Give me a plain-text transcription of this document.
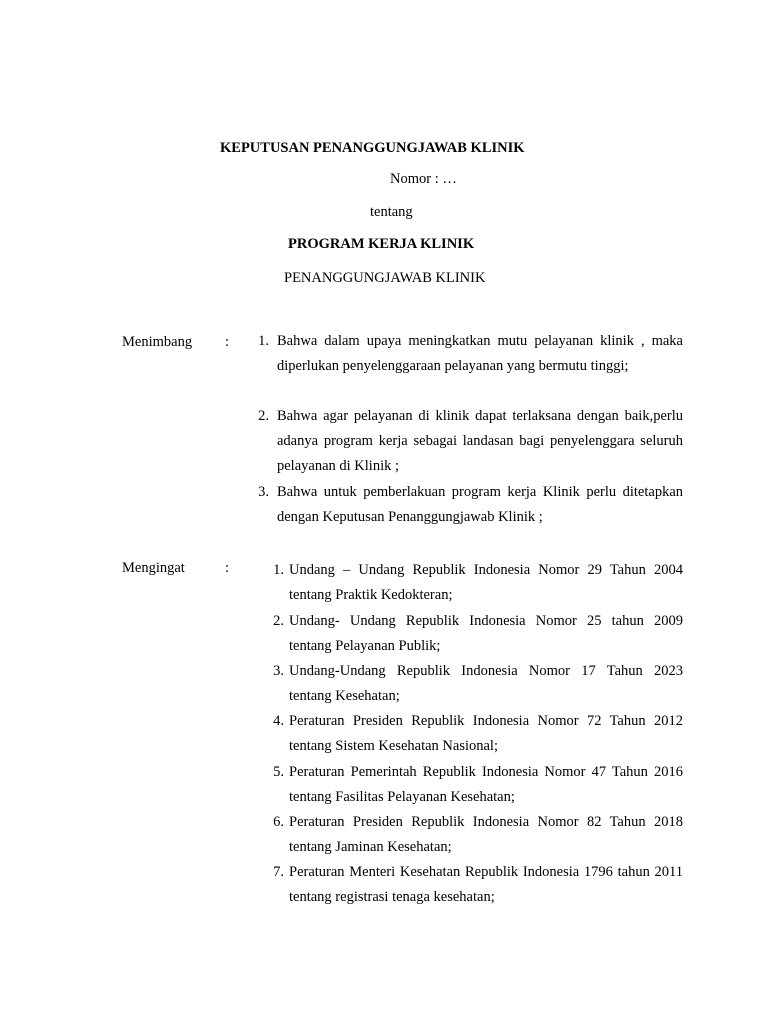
KEPUTUSAN PENANGGUNGJAWAB KLINIK
Nomor : …
tentang
PROGRAM KERJA KLINIK
PENANGGUNGJAWAB KLINIK
Menimbang :	1. Bahwa dalam upaya meningkatkan mutu pelayanan klinik , maka diperlukan penyelenggaraan pelayanan yang bermutu tinggi;
2. Bahwa agar pelayanan di klinik dapat terlaksana dengan baik,perlu adanya program kerja sebagai landasan bagi penyelenggara seluruh pelayanan di Klinik ;
3. Bahwa untuk pemberlakuan program kerja Klinik perlu ditetapkan dengan Keputusan Penanggungjawab Klinik ;
Mengingat	:	1. Undang – Undang Republik Indonesia Nomor 29 Tahun 2004 tentang Praktik Kedokteran;
2. Undang- Undang Republik Indonesia Nomor 25 tahun 2009 tentang Pelayanan Publik;
3. Undang-Undang Republik Indonesia Nomor 17 Tahun 2023 tentang Kesehatan;
4. Peraturan Presiden Republik Indonesia Nomor 72 Tahun 2012 tentang Sistem Kesehatan Nasional;
5. Peraturan Pemerintah Republik Indonesia Nomor 47 Tahun 2016 tentang Fasilitas Pelayanan Kesehatan;
6. Peraturan Presiden Republik Indonesia Nomor 82 Tahun 2018 tentang Jaminan Kesehatan;
7. Peraturan Menteri Kesehatan Republik Indonesia 1796 tahun 2011 tentang registrasi tenaga kesehatan;
